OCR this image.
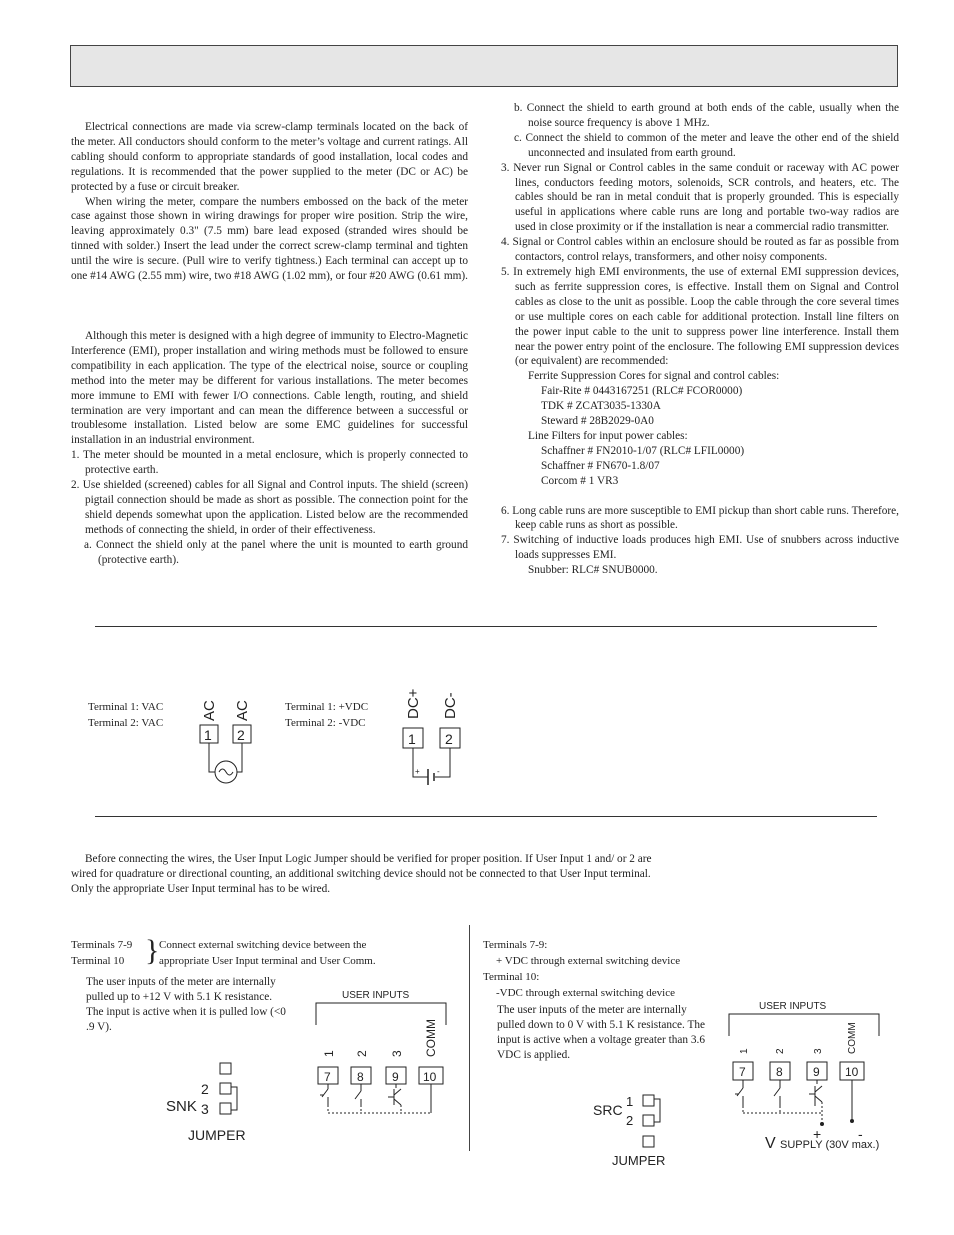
Electrical connections are made via screw-clamp terminals located on the back of the meter. All conductors should conform to the meter’s voltage and current ratings. All cabling should conform to appropriate standards of good installation, local codes and regulations. It is recommended that the power supplied to the meter (DC or AC) be protected by a fuse or circuit breaker.

When wiring the meter, compare the numbers embossed on the back of the meter case against those shown in wiring drawings for proper wire position. Strip the wire, leaving approximately 0.3" (7.5 mm) bare lead exposed (stranded wires should be tinned with solder.) Insert the lead under the correct screw-clamp terminal and tighten until the wire is secure. (Pull wire to verify tightness.) Each terminal can accept up to one #14 AWG (2.55 mm) wire, two #18 AWG (1.02 mm), or four #20 AWG (0.61 mm).

Although this meter is designed with a high degree of immunity to Electro-Magnetic Interference (EMI), proper installation and wiring methods must be followed to ensure compatibility in each application. The type of the electrical noise, source or coupling method into the meter may be different for various installations. The meter becomes more immune to EMI with fewer I/O connections. Cable length, routing, and shield termination are very important and can mean the difference between a successful or troublesome installation. Listed below are some EMC guidelines for successful installation in an industrial environment.

1. The meter should be mounted in a metal enclosure, which is properly connected to protective earth.

2. Use shielded (screened) cables for all Signal and Control inputs. The shield (screen) pigtail connection should be made as short as possible. The connection point for the shield depends somewhat upon the application. Listed below are the recommended methods of connecting the shield, in order of their effectiveness.

a. Connect the shield only at the panel where the unit is mounted to earth ground (protective earth).

b. Connect the shield to earth ground at both ends of the cable, usually when the noise source frequency is above 1 MHz.

c. Connect the shield to common of the meter and leave the other end of the shield unconnected and insulated from earth ground.

3. Never run Signal or Control cables in the same conduit or raceway with AC power lines, conductors feeding motors, solenoids, SCR controls, and heaters, etc. The cables should be ran in metal conduit that is properly grounded. This is especially useful in applications where cable runs are long and portable two-way radios are used in close proximity or if the installation is near a commercial radio transmitter.

4. Signal or Control cables within an enclosure should be routed as far as possible from contactors, control relays, transformers, and other noisy components.

5. In extremely high EMI environments, the use of external EMI suppression devices, such as ferrite suppression cores, is effective. Install them on Signal and Control cables as close to the unit as possible. Loop the cable through the core several times or use multiple cores on each cable for additional protection. Install line filters on the power input cable to the unit to suppress power line interference. Install them near the power entry point of the enclosure. The following EMI suppression devices (or equivalent) are recommended:

Ferrite Suppression Cores for signal and control cables:

Fair-Rite # 0443167251 (RLC# FCOR0000)

TDK # ZCAT3035-1330A

Steward # 28B2029-0A0

Line Filters for input power cables:

Schaffner # FN2010-1/07 (RLC# LFIL0000)

Schaffner # FN670-1.8/07

Corcom # 1 VR3

6. Long cable runs are more susceptible to EMI pickup than short cable runs. Therefore, keep cable runs as short as possible.

7. Switching of inductive loads produces high EMI. Use of snubbers across inductive loads suppresses EMI.

Snubber: RLC# SNUB0000.

Terminal 1: VAC
Terminal 2: VAC
Terminal 1: +VDC
Terminal 2: -VDC
AC AC
1 2
DC+ DC-
1 2
+ -

Before connecting the wires, the User Input Logic Jumper should be verified for proper position. If User Input 1 and/ or 2 are wired for quadrature or directional counting, an additional switching device should not be connected to that User Input terminal. Only the appropriate User Input terminal has to be wired.

Terminals 7-9
Terminal 10 } Connect external switching device between the
appropriate User Input terminal and User Comm.

The user inputs of the meter are internally pulled up to +12 V with 5.1 K resistance. The input is active when it is pulled low (<0 .9 V).

SNK
2
3
JUMPER
USER INPUTS
1 2 3 COMM
7 8 9 10
Terminals 7-9:
+ VDC through external switching device
Terminal 10:
-VDC through external switching device

The user inputs of the meter are internally pulled down to 0 V with 5.1 K resistance. The input is active when a voltage greater than 3.6 VDC is applied.

SRC
1
2
JUMPER
USER INPUTS
1	2	3 COMM
7	8	9 10
+	-
V SUPPLY (30V max.)
